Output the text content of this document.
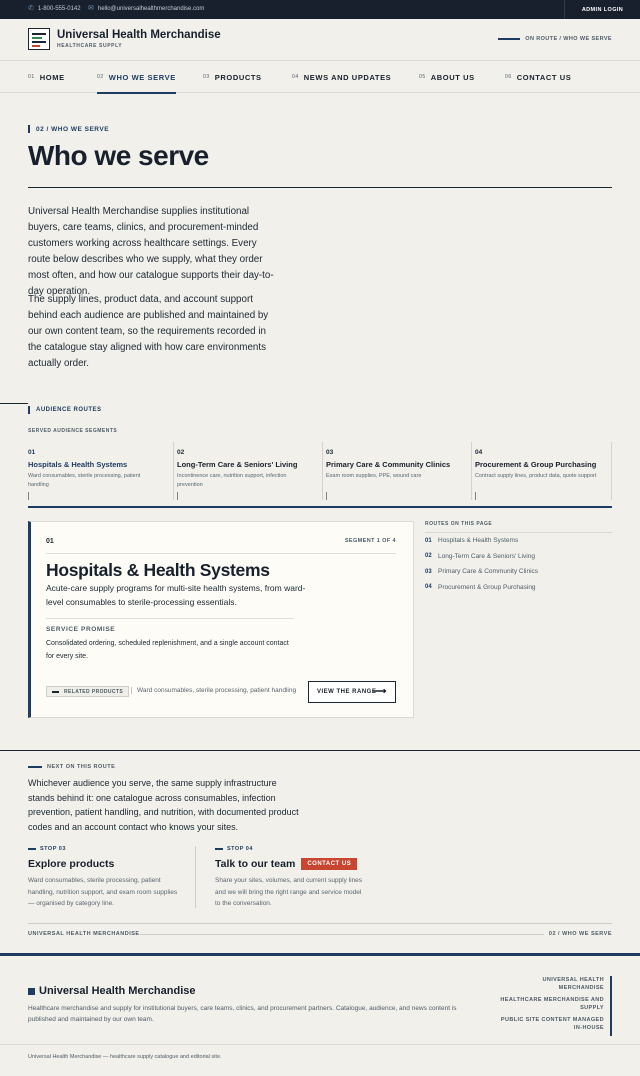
✆ 1-800-555-0142 ✉ hello@universalhealthmerchandise.com	ADMIN LOGIN
Universal Health Merchandise
HEALTHCARE SUPPLY
ON ROUTE / WHO WE SERVE
01 HOME	02 WHO WE SERVE	03 PRODUCTS	04 NEWS AND UPDATES	05 ABOUT US	06 CONTACT US
02 / WHO WE SERVE
Who we serve

Universal Health Merchandise supplies institutional buyers, care teams, clinics, and procurement-minded customers working across healthcare settings. Every route below describes who we supply, what they order most often, and how our catalogue supports their day-to-day operation.

The supply lines, product data, and account support behind each audience are published and maintained by our own content team, so the requirements recorded in the catalogue stay aligned with how care environments actually order.

AUDIENCE ROUTES
SERVED AUDIENCE SEGMENTS
01
Hospitals & Health Systems
Ward consumables, sterile processing, patient handling
02
Long-Term Care & Seniors' Living
Incontinence care, nutrition support, infection prevention
03
Primary Care & Community Clinics
Exam room supplies, PPE, wound care
04
Procurement & Group Purchasing
Contract supply lines, product data, quote support
01	SEGMENT 1 OF 4
Hospitals & Health Systems
Acute-care supply programs for multi-site health systems, from ward-level consumables to sterile-processing essentials.
SERVICE PROMISE
Consolidated ordering, scheduled replenishment, and a single account contact for every site.
RELATED PRODUCTS	Ward consumables, sterile processing, patient handling	VIEW THE RANGE
⟶
ROUTES ON THIS PAGE
01 Hospitals & Health Systems
02 Long-Term Care & Seniors' Living
03 Primary Care & Community Clinics
04 Procurement & Group Purchasing
NEXT ON THIS ROUTE

Whichever audience you serve, the same supply infrastructure stands behind it: one catalogue across consumables, infection prevention, patient handling, and nutrition, with documented product codes and an account contact who knows your sites.

STOP 03
Explore products
Ward consumables, sterile processing, patient handling, nutrition support, and exam room supplies — organised by category line.
STOP 04
Talk to our team	CONTACT US
Share your sites, volumes, and current supply lines and we will bring the right range and service model to the conversation.
UNIVERSAL HEALTH MERCHANDISE	02 / WHO WE SERVE
Universal Health Merchandise

Healthcare merchandise and supply for institutional buyers, care teams, clinics, and procurement partners. Catalogue, audience, and news content is published and maintained by our own team.

UNIVERSAL HEALTH MERCHANDISE
HEALTHCARE MERCHANDISE AND SUPPLY
PUBLIC SITE CONTENT MANAGED IN-HOUSE
Universal Health Merchandise — healthcare supply catalogue and editorial site.
